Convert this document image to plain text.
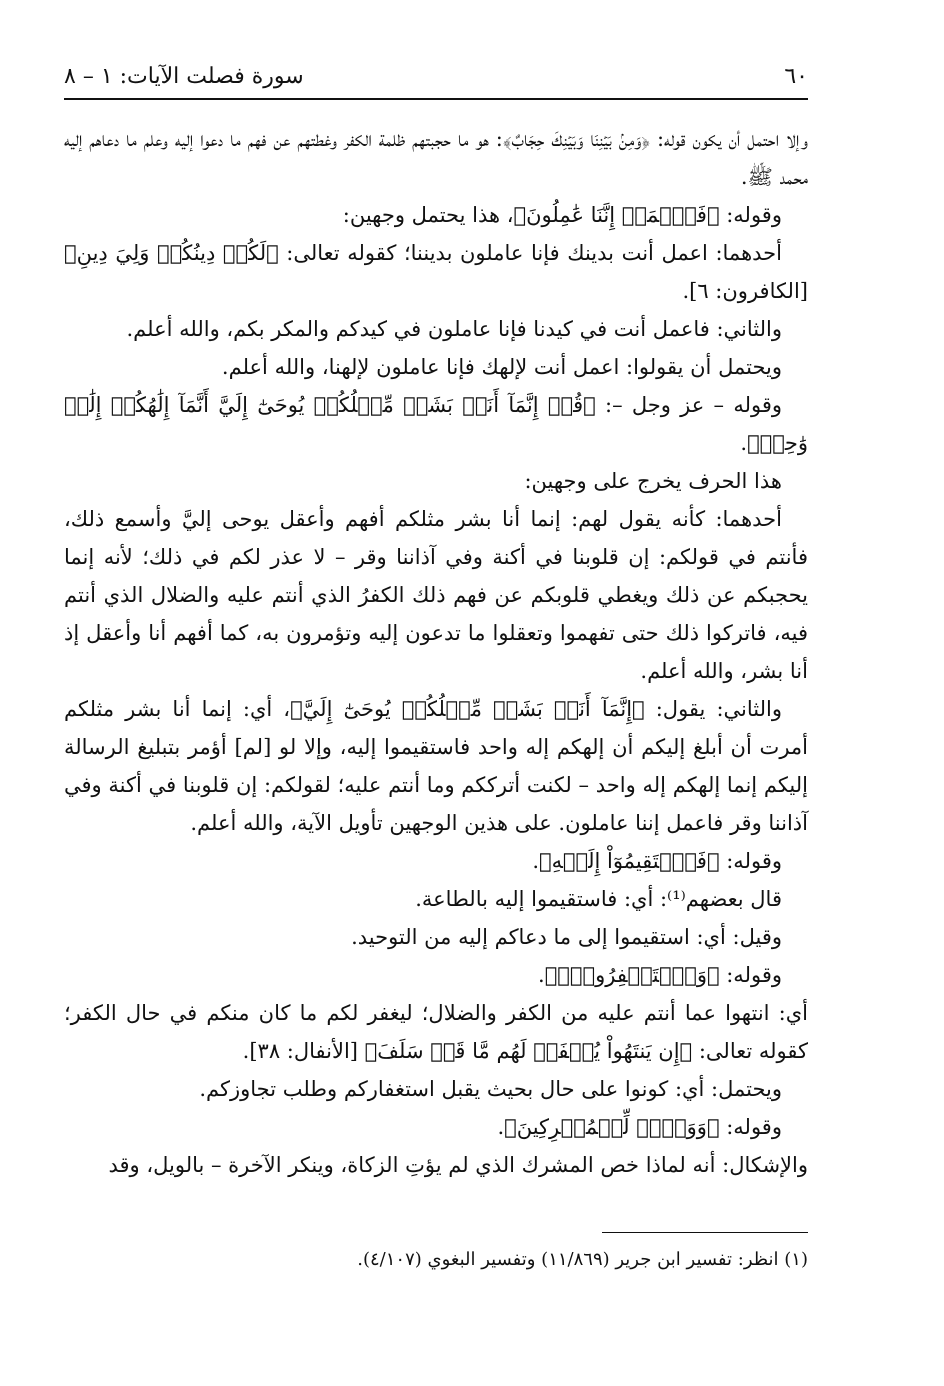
٦٠
سورة فصلت الآيات: ١ – ٨

وإلا احتمل أن يكون قوله: ﴿وَمِنۢ بَيۡنِنَا وَبَيۡنِكَ حِجَابٌ﴾: هو ما حجبتهم ظلمة الكفر وغطتهم عن فهم ما دعوا إليه وعلم ما دعاهم إليه محمد ﷺ.

وقوله: ﴿فَٱعۡمَلۡ إِنَّنَا عَٰمِلُونَ﴾، هذا يحتمل وجهين:

أحدهما: اعمل أنت بدينك فإنا عاملون بديننا؛ كقوله تعالى: ﴿لَكُمۡ دِينُكُمۡ وَلِيَ دِينِ﴾ [الكافرون: ٦].

والثاني: فاعمل أنت في كيدنا فإنا عاملون في كيدكم والمكر بكم، والله أعلم.

ويحتمل أن يقولوا: اعمل أنت لإلهك فإنا عاملون لإلهنا، والله أعلم.

وقوله – عز وجل –: ﴿قُلۡ إِنَّمَآ أَنَا۠ بَشَرٞ مِّثۡلُكُمۡ يُوحَىٰٓ إِلَيَّ أَنَّمَآ إِلَٰهُكُمۡ إِلَٰهٞ وَٰحِدٞ﴾.

هذا الحرف يخرج على وجهين:

أحدهما: كأنه يقول لهم: إنما أنا بشر مثلكم أفهم وأعقل يوحى إليَّ وأسمع ذلك، فأنتم في قولكم: إن قلوبنا في أكنة وفي آذاننا وقر – لا عذر لكم في ذلك؛ لأنه إنما يحجبكم عن ذلك ويغطي قلوبكم عن فهم ذلك الكفرُ الذي أنتم عليه والضلال الذي أنتم فيه، فاتركوا ذلك حتى تفهموا وتعقلوا ما تدعون إليه وتؤمرون به، كما أفهم أنا وأعقل إذ أنا بشر، والله أعلم.

والثاني: يقول: ﴿إِنَّمَآ أَنَا۠ بَشَرٞ مِّثۡلُكُمۡ يُوحَىٰٓ إِلَيَّ﴾، أي: إنما أنا بشر مثلكم أمرت أن أبلغ إليكم أن إلهكم إله واحد فاستقيموا إليه، وإلا لو [لم] أؤمر بتبليغ الرسالة إليكم إنما إلهكم إله واحد – لكنت أترككم وما أنتم عليه؛ لقولكم: إن قلوبنا في أكنة وفي آذاننا وقر فاعمل إننا عاملون. على هذين الوجهين تأويل الآية، والله أعلم.

وقوله: ﴿فَٱسۡتَقِيمُوٓاْ إِلَيۡهِ﴾.

قال بعضهم⁽¹⁾: أي: فاستقيموا إليه بالطاعة.

وقيل: أي: استقيموا إلى ما دعاكم إليه من التوحيد.

وقوله: ﴿وَٱسۡتَغۡفِرُوهُۗ﴾.

أي: انتهوا عما أنتم عليه من الكفر والضلال؛ ليغفر لكم ما كان منكم في حال الكفر؛ كقوله تعالى: ﴿إِن يَنتَهُواْ يُغۡفَرۡ لَهُم مَّا قَدۡ سَلَفَ﴾ [الأنفال: ٣٨].

ويحتمل: أي: كونوا على حال بحيث يقبل استغفاركم وطلب تجاوزكم.

وقوله: ﴿وَوَيۡلٞ لِّلۡمُشۡرِكِينَ﴾.

والإشكال: أنه لماذا خص المشرك الذي لم يؤتِ الزكاة، وينكر الآخرة – بالويل، وقد

(١) انظر: تفسير ابن جرير (١١/٨٦٩) وتفسير البغوي (٤/١٠٧).
